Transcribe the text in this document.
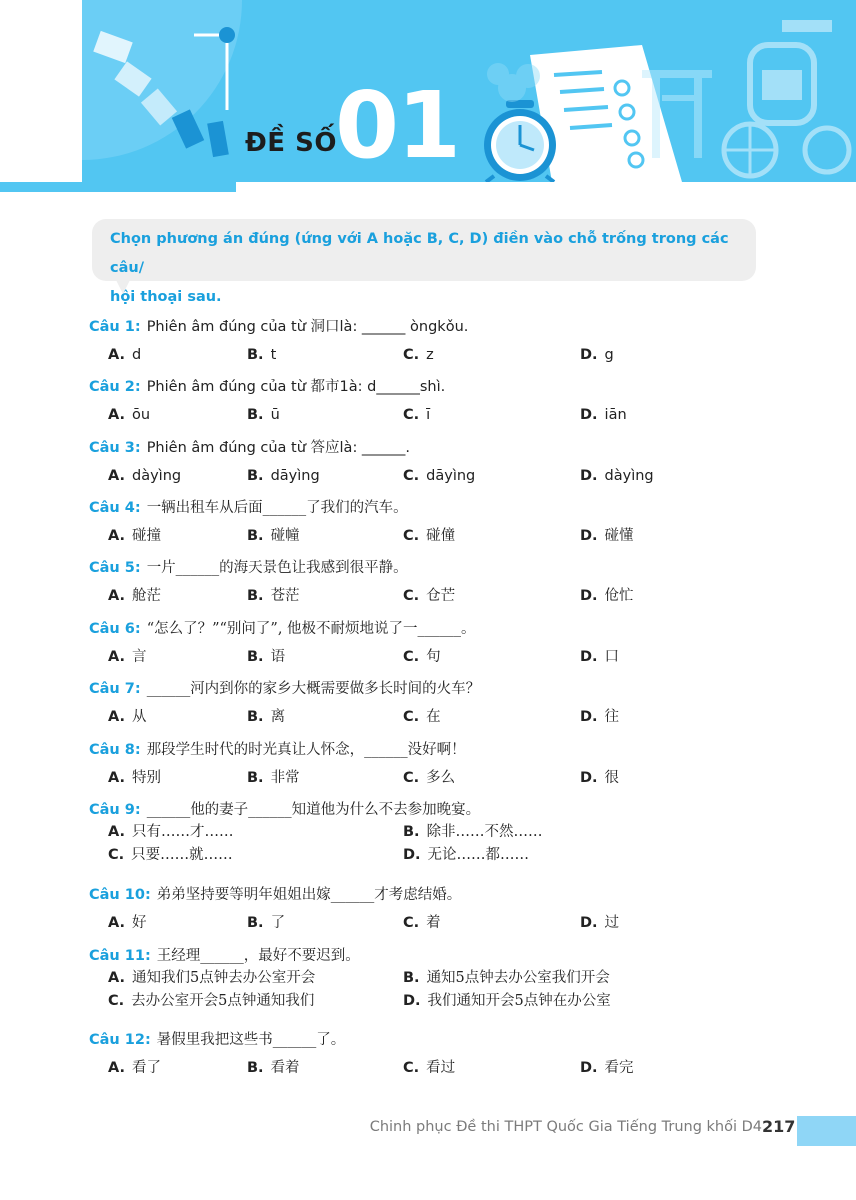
ĐỀ SỐ
01
Chọn phương án đúng (ứng với A hoặc B, C, D) điền vào chỗ trống trong các câu/
hội thoại sau.
Câu 1: Phiên âm đúng của từ 洞口là: ______ òngkǒu.
A. d	B. t	C. z	D. g
Câu 2: Phiên âm đúng của từ 都市1à: d______shì.
A. ōu	B. ū	C. ī	D. iān
Câu 3: Phiên âm đúng của từ 答应là: ______.
A. dàyìng	B. dāyìng	C. dāyìng	D. dàyìng
Câu 4: 一辆出租车从后面______了我们的汽车。
A. 碰撞	B. 碰幢	C. 碰僮	D. 碰懂
Câu 5: 一片______的海天景色让我感到很平静。
A. 舱茫	B. 苍茫	C. 仓芒	D. 伧忙
Câu 6: “怎么了？”“别问了”, 他极不耐烦地说了一______。
A. 言	B. 语	C. 句	D. 口
Câu 7: ______河内到你的家乡大概需要做多长时间的火车？
A. 从	B. 离	C. 在	D. 往
Câu 8: 那段学生时代的时光真让人怀念，______没好啊！
A. 特别	B. 非常	C. 多么	D. 很
Câu 9: ______他的妻子______知道他为什么不去参加晚宴。
A. 只有……才……	B. 除非……不然……
C. 只要……就……	D. 无论……都……
Câu 10: 弟弟坚持要等明年姐姐出嫁______才考虑结婚。
A. 好	B. 了	C. 着	D. 过
Câu 11: 王经理______，最好不要迟到。
A. 通知我们5点钟去办公室开会	B. 通知5点钟去办公室我们开会
C. 去办公室开会5点钟通知我们	D. 我们通知开会5点钟在办公室
Câu 12: 暑假里我把这些书______了。
A. 看了	B. 看着	C. 看过	D. 看完
Chinh phục Đề thi THPT Quốc Gia Tiếng Trung khối D4 217
